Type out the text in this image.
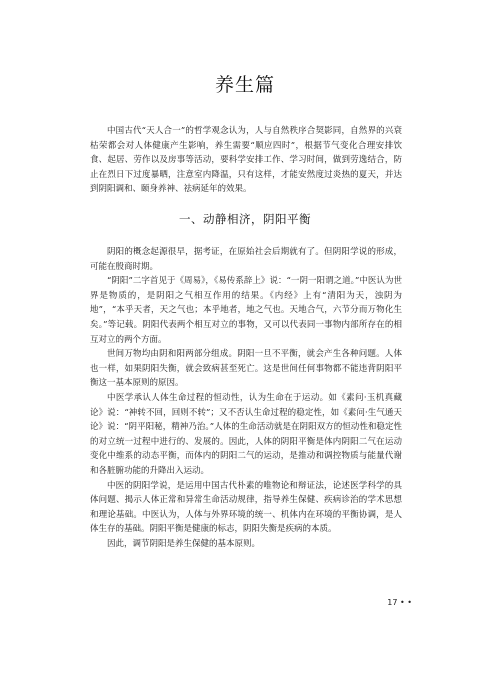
养生篇

中国古代“天人合一”的哲学观念认为，人与自然秩序合契影同，自然界的兴衰枯荣都会对人体健康产生影响，养生需要“顺应四时”，根据节气变化合理安排饮食、起居、劳作以及房事等活动，要科学安排工作、学习时间，做到劳逸结合，防止在烈日下过度暴晒，注意室内降温，只有这样，才能安然度过炎热的夏天，并达到阴阳调和、颐身养神、祛病延年的效果。

一、动静相济，阴阳平衡

阴阳的概念起源很早，据考证，在原始社会后期就有了。但阴阳学说的形成，可能在殷商时期。

“阴阳”二字首见于《周易》，《易传系辞上》说：“一阴一阳谓之道。”中医认为世界是物质的，是阴阳之气相互作用的结果。《内经》上有“清阳为天，浊阴为地”，“本乎天者，天之气也；本乎地者，地之气也。天地合气，六节分而万物化生矣。”等记载。阴阳代表两个相互对立的事物，又可以代表同一事物内部所存在的相互对立的两个方面。

世间万物均由阴和阳两部分组成。阴阳一旦不平衡，就会产生各种问题。人体也一样，如果阴阳失衡，就会致病甚至死亡。这是世间任何事物都不能违背阴阳平衡这一基本原则的原因。

中医学承认人体生命过程的恒动性，认为生命在于运动。如《素问·玉机真藏论》说：“神转不回，回则不转”；又不否认生命过程的稳定性，如《素问·生气通天论》说：“阴平阳秘，精神乃治。”人体的生命活动就是在阴阳双方的恒动性和稳定性的对立统一过程中进行的、发展的。因此，人体的阴阳平衡是体内阴阳二气在运动变化中维系的动态平衡，而体内的阴阳二气的运动，是推动和调控物质与能量代谢和各脏腑功能的升降出入运动。

中医的阴阳学说，是运用中国古代朴素的唯物论和辩证法，论述医学科学的具体问题、揭示人体正常和异常生命活动规律，指导养生保健、疾病诊治的学术思想和理论基础。中医认为，人体与外界环境的统一、机体内在环境的平衡协调，是人体生存的基础。阴阳平衡是健康的标志，阴阳失衡是疾病的本质。

因此，调节阴阳是养生保健的基本原则。

17 • •
